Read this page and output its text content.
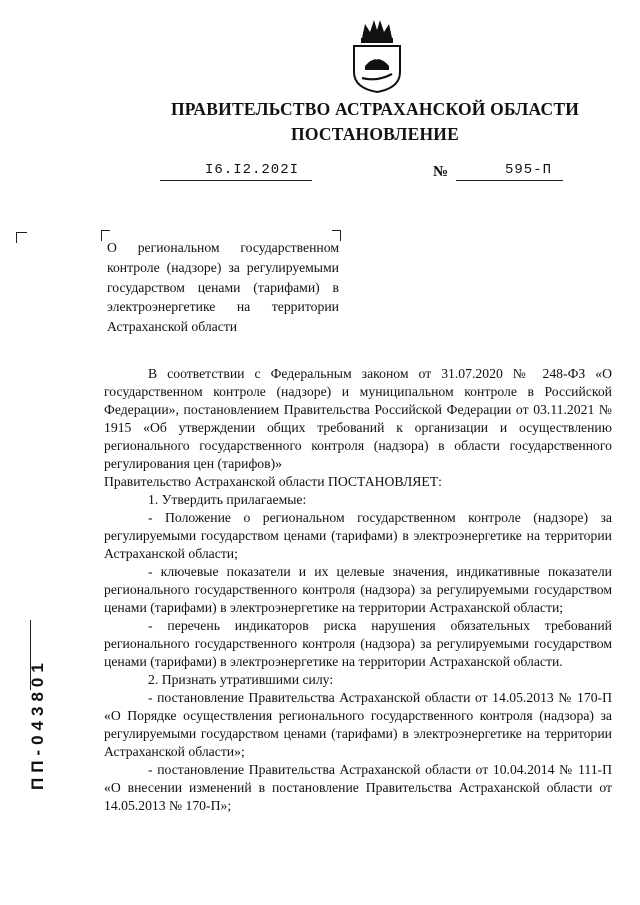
ПРАВИТЕЛЬСТВО АСТРАХАНСКОЙ ОБЛАСТИ
ПОСТАНОВЛЕНИЕ
I6.I2.202I	№	595-П

О региональном государственном контроле (надзоре) за регулируемыми государством ценами (тарифами) в электроэнергетике на территории Астраханской области

В соответствии с Федеральным законом от 31.07.2020 № 248-ФЗ «О государственном контроле (надзоре) и муниципальном контроле в Российской Федерации», постановлением Правительства Российской Федерации от 03.11.2021 № 1915 «Об утверждении общих требований к организации и осуществлению регионального государственного контроля (надзора) в области государственного регулирования цен (тарифов)»

Правительство Астраханской области ПОСТАНОВЛЯЕТ:

1. Утвердить прилагаемые:

- Положение о региональном государственном контроле (надзоре) за регулируемыми государством ценами (тарифами) в электроэнергетике на территории Астраханской области;

- ключевые показатели и их целевые значения, индикативные показатели регионального государственного контроля (надзора) за регулируемыми государством ценами (тарифами) в электроэнергетике на территории Астраханской области;

- перечень индикаторов риска нарушения обязательных требований регионального государственного контроля (надзора) за регулируемыми государством ценами (тарифами) в электроэнергетике на территории Астраханской области.

2. Признать утратившими силу:

- постановление Правительства Астраханской области от 14.05.2013 № 170-П «О Порядке осуществления регионального государственного контроля (надзора) за регулируемыми государством ценами (тарифами) в электроэнергетике на территории Астраханской области»;

- постановление Правительства Астраханской области от 10.04.2014 № 111-П «О внесении изменений в постановление Правительства Астраханской области от 14.05.2013 № 170-П»;

ПП-043801
